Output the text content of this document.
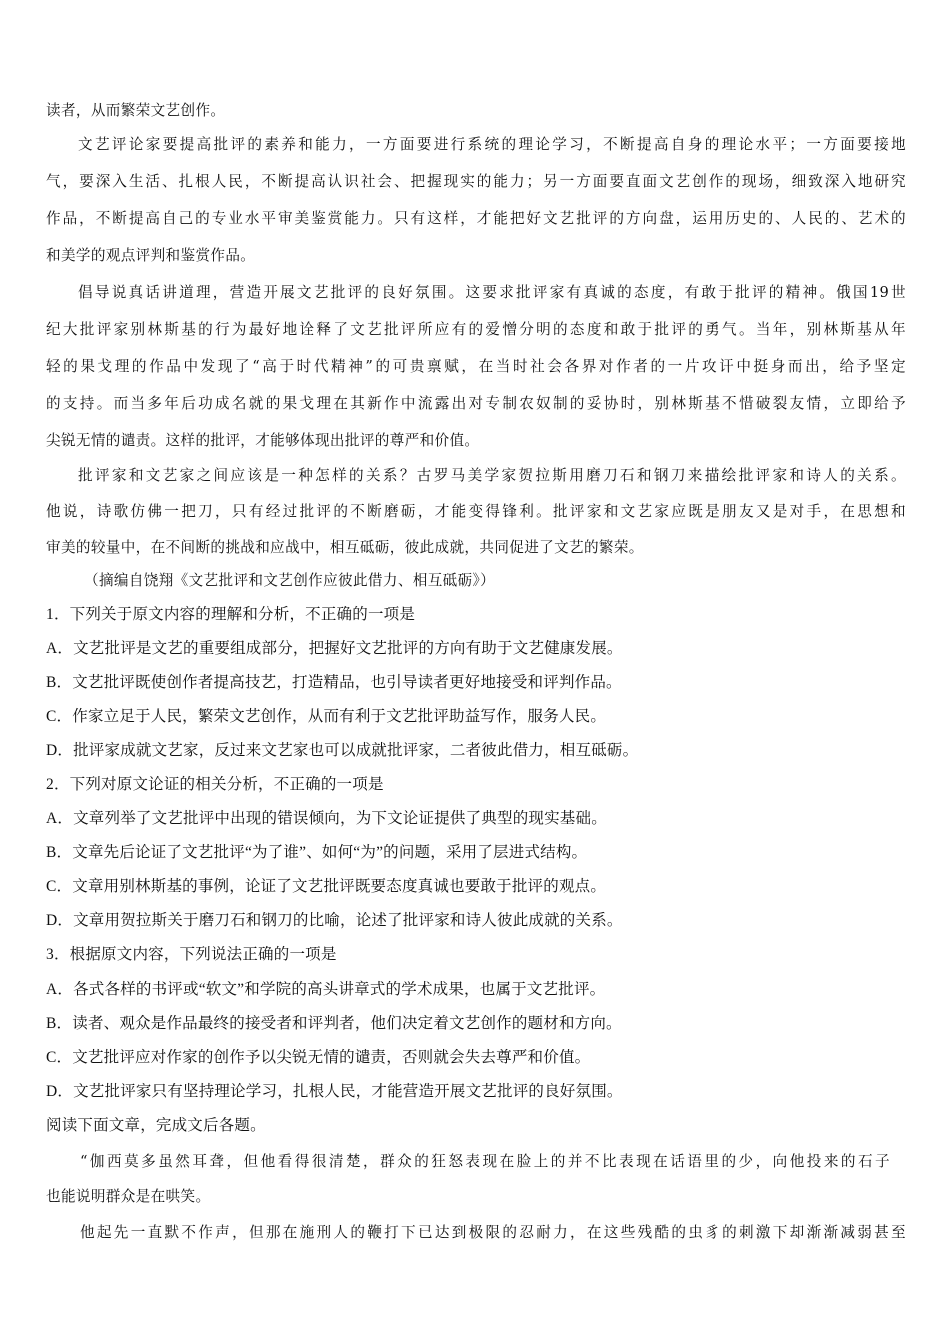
读者，从而繁荣文艺创作。
文艺评论家要提高批评的素养和能力，一方面要进行系统的理论学习，不断提高自身的理论水平；一方面要接地
气，要深入生活、扎根人民，不断提高认识社会、把握现实的能力；另一方面要直面文艺创作的现场，细致深入地研究
作品，不断提高自己的专业水平审美鉴赏能力。只有这样，才能把好文艺批评的方向盘，运用历史的、人民的、艺术的
和美学的观点评判和鉴赏作品。
倡导说真话讲道理，营造开展文艺批评的良好氛围。这要求批评家有真诚的态度，有敢于批评的精神。俄国19世
纪大批评家别林斯基的行为最好地诠释了文艺批评所应有的爱憎分明的态度和敢于批评的勇气。当年，别林斯基从年
轻的果戈理的作品中发现了“高于时代精神”的可贵禀赋，在当时社会各界对作者的一片攻讦中挺身而出，给予坚定
的支持。而当多年后功成名就的果戈理在其新作中流露出对专制农奴制的妥协时，别林斯基不惜破裂友情，立即给予
尖锐无情的谴责。这样的批评，才能够体现出批评的尊严和价值。
批评家和文艺家之间应该是一种怎样的关系？古罗马美学家贺拉斯用磨刀石和钢刀来描绘批评家和诗人的关系。
他说，诗歌仿佛一把刀，只有经过批评的不断磨砺，才能变得锋利。批评家和文艺家应既是朋友又是对手，在思想和
审美的较量中，在不间断的挑战和应战中，相互砥砺，彼此成就，共同促进了文艺的繁荣。
（摘编自饶翔《文艺批评和文艺创作应彼此借力、相互砥砺》）
1．下列关于原文内容的理解和分析，不正确的一项是
A．文艺批评是文艺的重要组成部分，把握好文艺批评的方向有助于文艺健康发展。
B．文艺批评既使创作者提高技艺，打造精品，也引导读者更好地接受和评判作品。
C．作家立足于人民，繁荣文艺创作，从而有利于文艺批评助益写作，服务人民。
D．批评家成就文艺家，反过来文艺家也可以成就批评家，二者彼此借力，相互砥砺。
2．下列对原文论证的相关分析，不正确的一项是
A．文章列举了文艺批评中出现的错误倾向，为下文论证提供了典型的现实基础。
B．文章先后论证了文艺批评“为了谁”、如何“为”的问题，采用了层进式结构。
C．文章用别林斯基的事例，论证了文艺批评既要态度真诚也要敢于批评的观点。
D．文章用贺拉斯关于磨刀石和钢刀的比喻，论述了批评家和诗人彼此成就的关系。
3．根据原文内容，下列说法正确的一项是
A．各式各样的书评或“软文”和学院的高头讲章式的学术成果，也属于文艺批评。
B．读者、观众是作品最终的接受者和评判者，他们决定着文艺创作的题材和方向。
C．文艺批评应对作家的创作予以尖锐无情的谴责，否则就会失去尊严和价值。
D．文艺批评家只有坚持理论学习，扎根人民，才能营造开展文艺批评的良好氛围。
阅读下面文章，完成文后各题。
“伽西莫多虽然耳聋，但他看得很清楚，群众的狂怒表现在脸上的并不比表现在话语里的少，向他投来的石子
也能说明群众是在哄笑。
他起先一直默不作声，但那在施刑人的鞭打下已达到极限的忍耐力，在这些残酷的虫豸的刺激下却渐渐减弱甚至
